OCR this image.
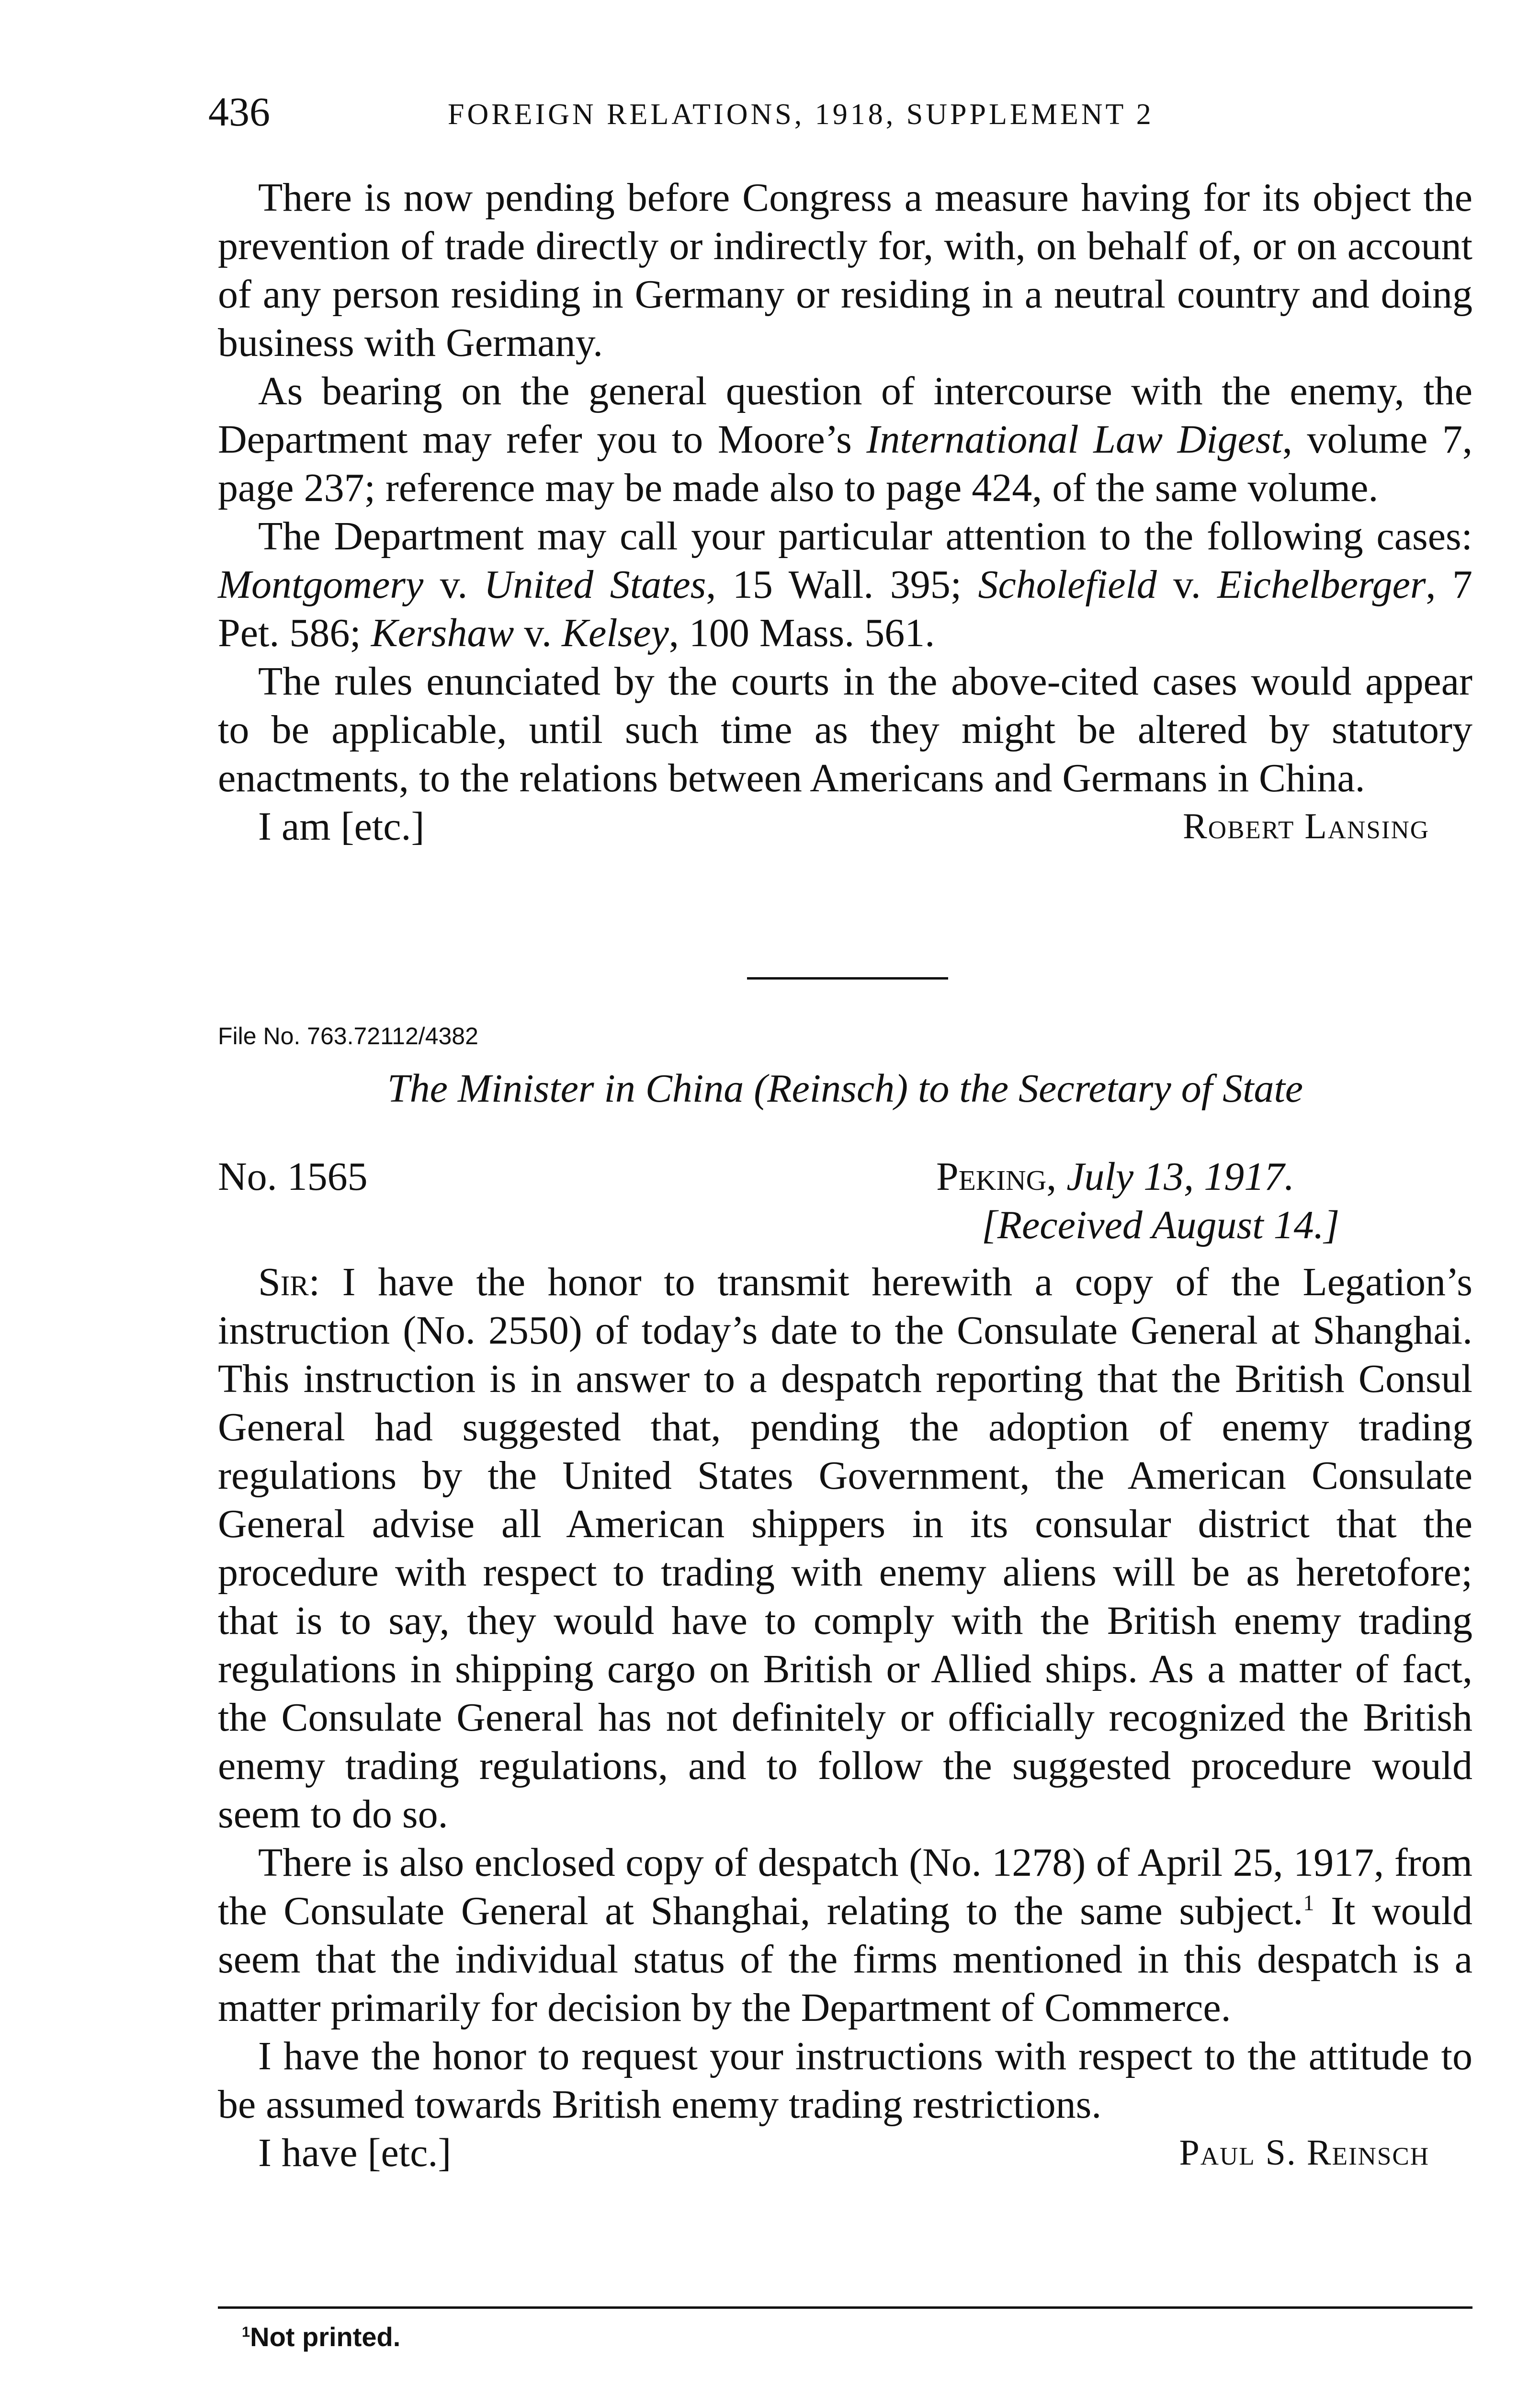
436	FOREIGN RELATIONS, 1918, SUPPLEMENT 2

There is now pending before Congress a measure having for its object the prevention of trade directly or indirectly for, with, on behalf of, or on account of any person residing in Germany or residing in a neutral country and doing business with Germany.

As bearing on the general question of intercourse with the enemy, the Department may refer you to Moore’s International Law Digest, volume 7, page 237; reference may be made also to page 424, of the same volume.

The Department may call your particular attention to the following cases: Montgomery v. United States, 15 Wall. 395; Scholefield v. Eichelberger, 7 Pet. 586; Kershaw v. Kelsey, 100 Mass. 561.

The rules enunciated by the courts in the above-cited cases would appear to be applicable, until such time as they might be altered by statutory enactments, to the relations between Americans and Germans in China.

I am [etc.]	Robert Lansing
File No. 763.72112/4382
The Minister in China (Reinsch) to the Secretary of State
No. 1565	Peking, July 13, 1917.
[Received August 14.]

Sir: I have the honor to transmit herewith a copy of the Legation’s instruction (No. 2550) of today’s date to the Consulate General at Shanghai. This instruction is in answer to a despatch reporting that the British Consul General had suggested that, pending the adoption of enemy trading regulations by the United States Government, the American Consulate General advise all American shippers in its consular district that the procedure with respect to trading with enemy aliens will be as heretofore; that is to say, they would have to comply with the British enemy trading regulations in shipping cargo on British or Allied ships. As a matter of fact, the Consulate General has not definitely or officially recognized the British enemy trading regulations, and to follow the suggested procedure would seem to do so.

There is also enclosed copy of despatch (No. 1278) of April 25, 1917, from the Consulate General at Shanghai, relating to the same subject.$^1$ It would seem that the individual status of the firms mentioned in this despatch is a matter primarily for decision by the Department of Commerce.

I have the honor to request your instructions with respect to the attitude to be assumed towards British enemy trading restrictions.

I have [etc.]	Paul S. Reinsch
$^1$Not printed.
